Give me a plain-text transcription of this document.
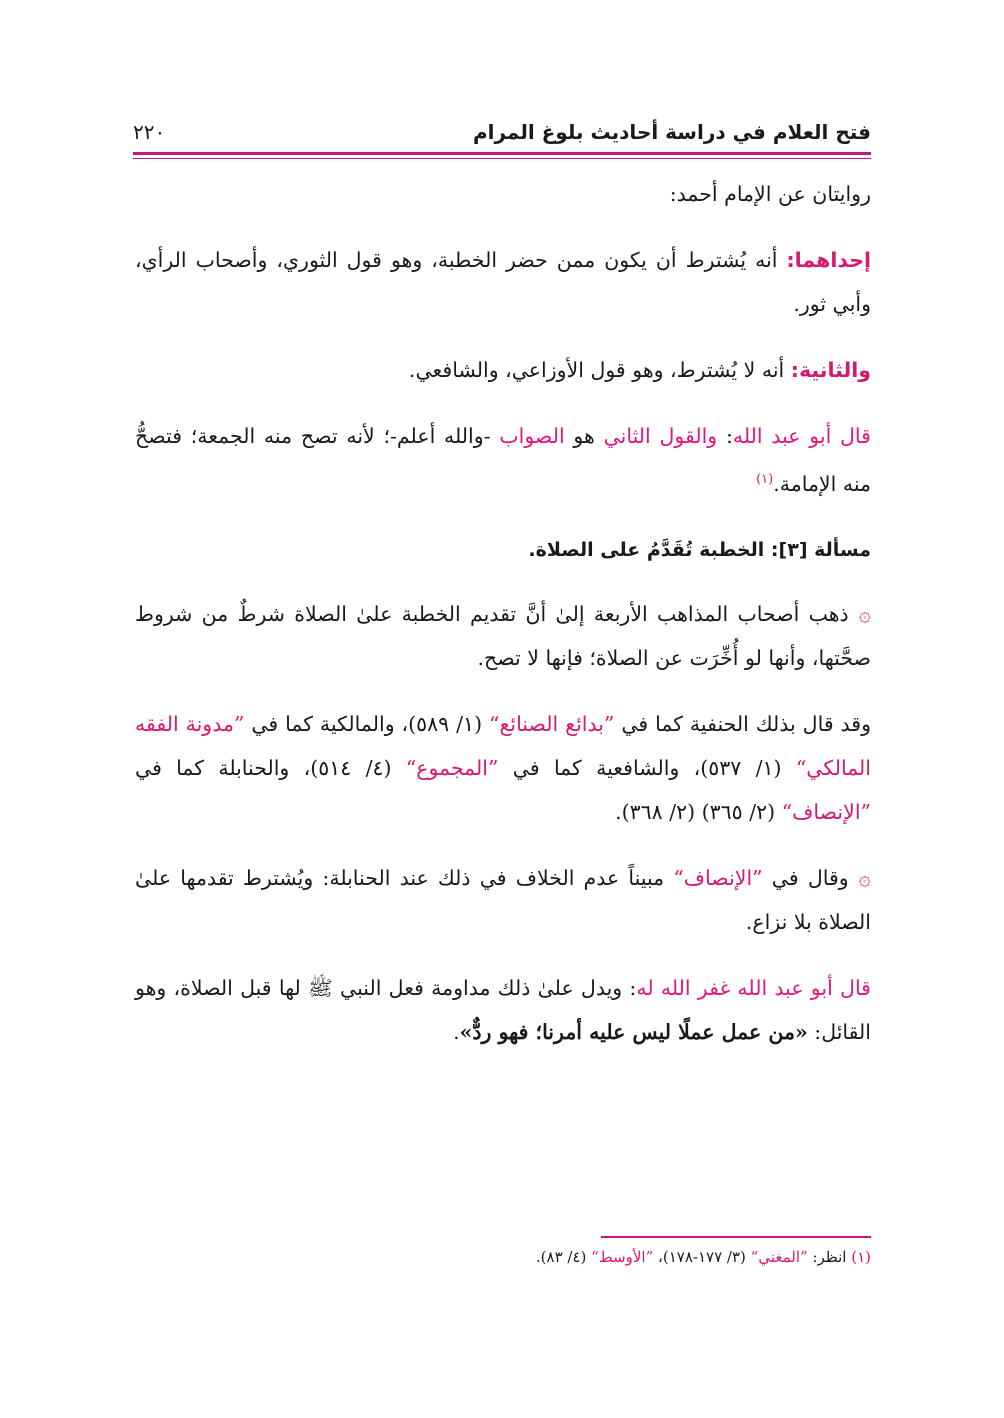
فتح العلام في دراسة أحاديث بلوغ المرام
٢٢٠

روايتان عن الإمام أحمد:

إحداهما: أنه يُشترط أن يكون ممن حضر الخطبة، وهو قول الثوري، وأصحاب الرأي، وأبي ثور.

والثانية: أنه لا يُشترط، وهو قول الأوزاعي، والشافعي.

قال أبو عبد الله: والقول الثاني هو الصواب -والله أعلم-؛ لأنه تصح منه الجمعة؛ فتصحُّ منه الإمامة.$^{(١)}$

مسألة [٣]: الخطبة تُقَدَّمُ على الصلاة.

۞ذهب أصحاب المذاهب الأربعة إلىٰ أنَّ تقديم الخطبة علىٰ الصلاة شرطٌ من شروط صحَّتها، وأنها لو أُخِّرَت عن الصلاة؛ فإنها لا تصح.

وقد قال بذلك الحنفية كما في ”بدائع الصنائع“ (١/ ٥٨٩)، والمالكية كما في ”مدونة الفقه المالكي“ (١/ ٥٣٧)، والشافعية كما في ”المجموع“ (٤/ ٥١٤)، والحنابلة كما في ”الإنصاف“ (٢/ ٣٦٥) (٢/ ٣٦٨).

۞وقال في ”الإنصاف“ مبيناً عدم الخلاف في ذلك عند الحنابلة: ويُشترط تقدمها علىٰ الصلاة بلا نزاع.

قال أبو عبد الله غفر الله له: ويدل علىٰ ذلك مداومة فعل النبي ﷺ لها قبل الصلاة، وهو القائل: «من عمل عملًا ليس عليه أمرنا؛ فهو ردٌّ».

(١) انظر: ”المغني“ (٣/ ١٧٧-١٧٨)، ”الأوسط“ (٤/ ٨٣).
